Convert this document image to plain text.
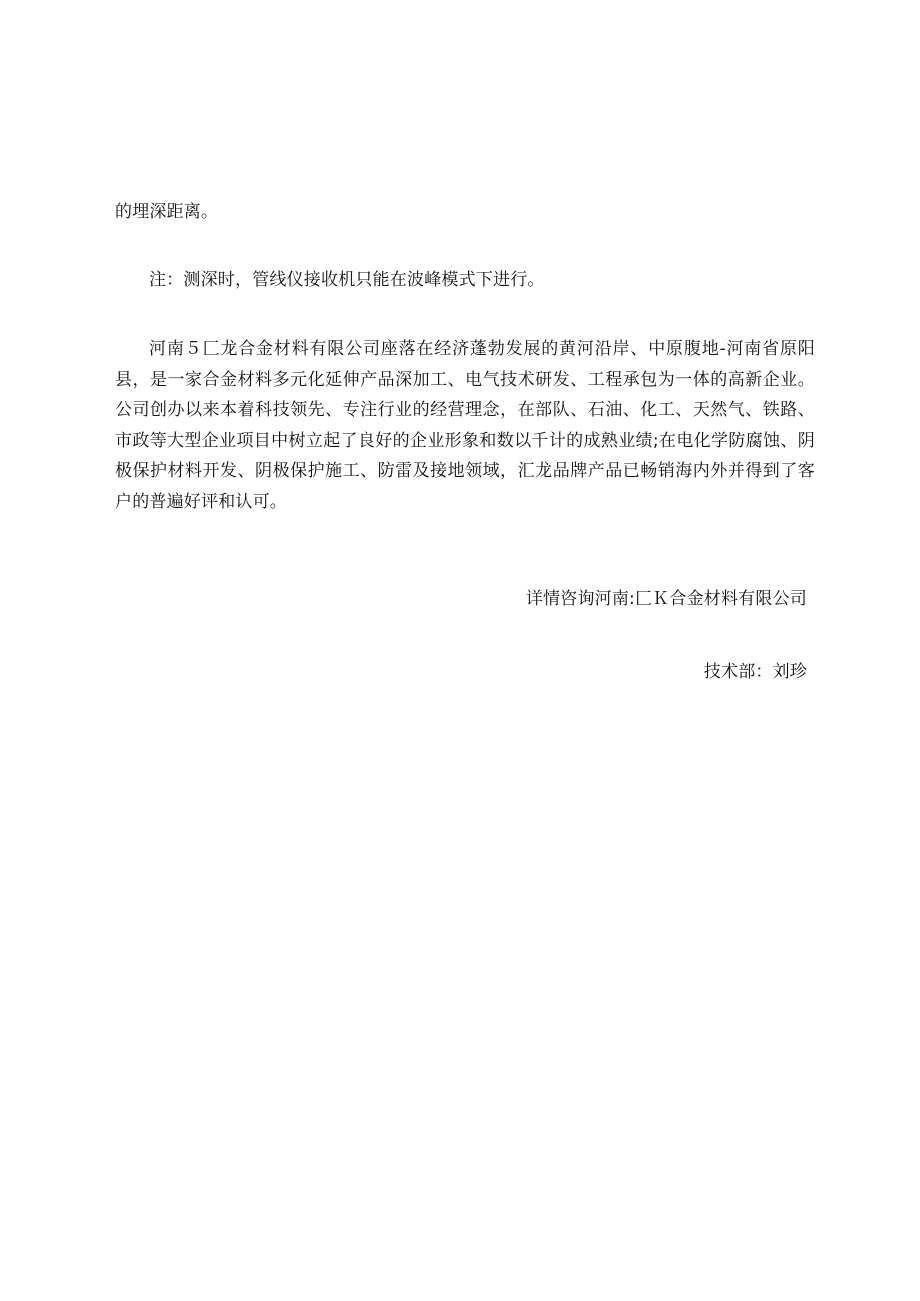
的埋深距离。
注：测深时，管线仪接收机只能在波峰模式下进行。

河南５匚龙合金材料有限公司座落在经济蓬勃发展的黄河沿岸、中原腹地-河南省原阳县，是一家合金材料多元化延伸产品深加工、电气技术研发、工程承包为一体的高新企业。公司创办以来本着科技领先、专注行业的经营理念，在部队、石油、化工、天然气、铁路、市政等大型企业项目中树立起了良好的企业形象和数以千计的成熟业绩;在电化学防腐蚀、阴极保护材料开发、阴极保护施工、防雷及接地领域，汇龙品牌产品已畅销海内外并得到了客户的普遍好评和认可。

详情咨询河南:匚Ｋ合金材料有限公司
技术部：刘珍
